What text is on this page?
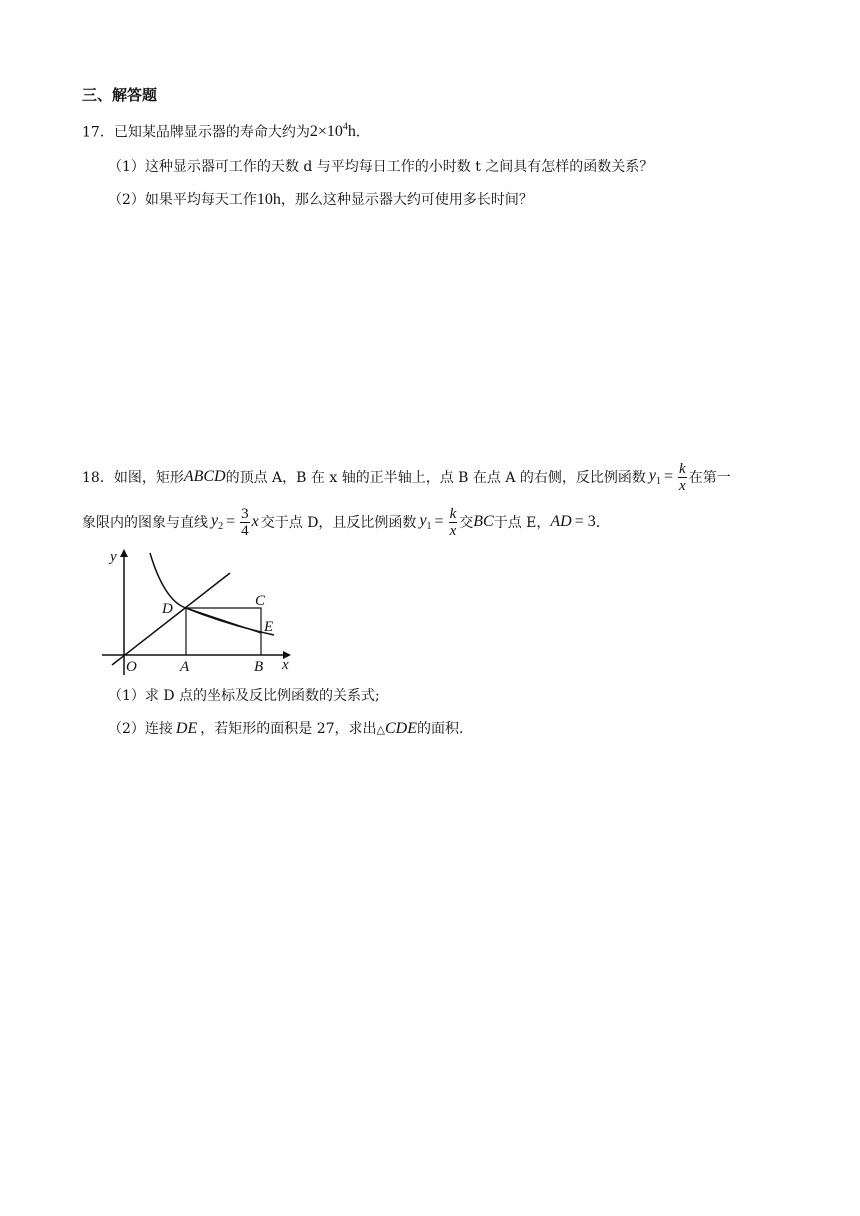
三、解答题
17．已知某品牌显示器的寿命大约为$2\times 10^4h$．
（1）这种显示器可工作的天数 d 与平均每日工作的小时数 t 之间具有怎样的函数关系？
（2）如果平均每天工作10h，那么这种显示器大约可使用多长时间？
18． 如图，矩形 ABCD 的顶点 A，B 在 x 轴的正半轴上，点 B 在点 A 的右侧，反比例函数 $y_1 = \frac{k}{x}$ 在第一
象限内的图象与直线 $y_2 = \frac{3}{4}$ x 交于点 D，且反比例函数 $y_1 = \frac{k}{x}$ 交 BC 于点 E， AD = 3 ．
y
x
O	A	B
C
D
E
（1）求 D 点的坐标及反比例函数的关系式;
（2）连接 DE ，若矩形的面积是 27，求出△CDE的面积.
